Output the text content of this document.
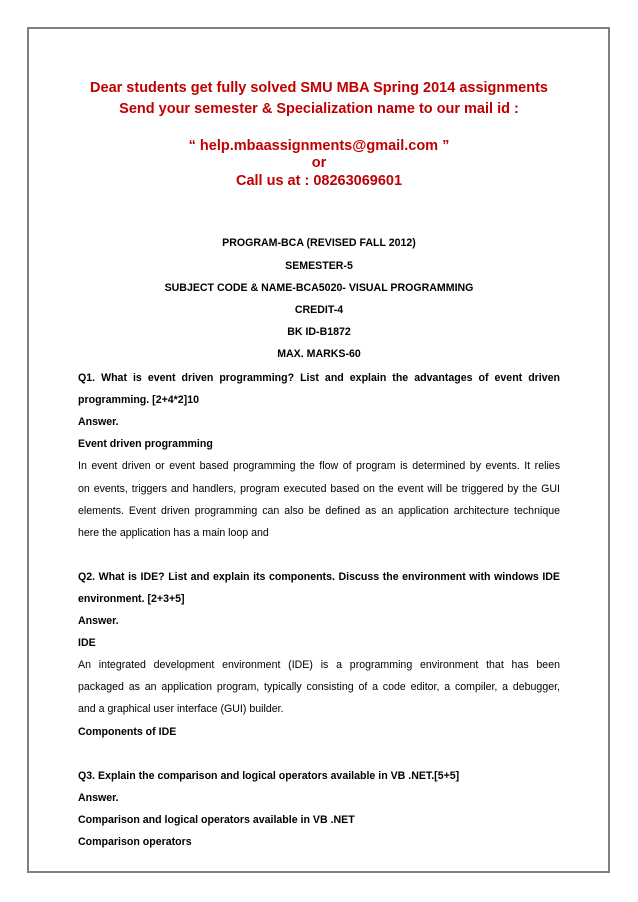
Dear students get fully solved SMU MBA Spring 2014 assignments
Send your semester & Specialization name to our mail id :
“ help.mbaassignments@gmail.com ”
or
Call us at : 08263069601
PROGRAM-BCA (REVISED FALL 2012)
SEMESTER-5
SUBJECT CODE & NAME-BCA5020- VISUAL PROGRAMMING
CREDIT-4
BK ID-B1872
MAX. MARKS-60
Q1. What is event driven programming? List and explain the advantages of event driven
programming. [2+4*2]10
Answer.
Event driven programming
In event driven or event based programming the flow of program is determined by events. It relies
on events, triggers and handlers, program executed based on the event will be triggered by the GUI
elements. Event driven programming can also be defined as an application architecture technique
here the application has a main loop and
Q2. What is IDE? List and explain its components. Discuss the environment with windows IDE
environment. [2+3+5]
Answer.
IDE
An integrated development environment (IDE) is a programming environment that has been
packaged as an application program, typically consisting of a code editor, a compiler, a debugger,
and a graphical user interface (GUI) builder.
Components of IDE
Q3. Explain the comparison and logical operators available in VB .NET.[5+5]
Answer.
Comparison and logical operators available in VB .NET
Comparison operators
